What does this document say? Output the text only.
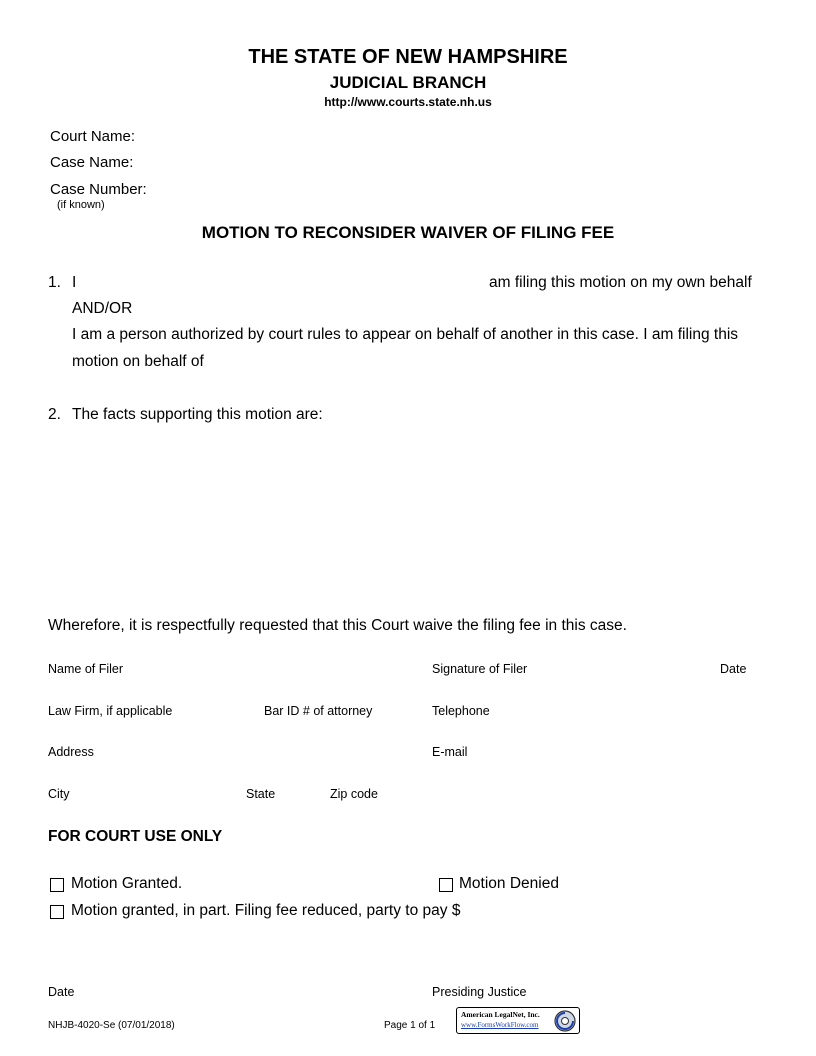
THE STATE OF NEW HAMPSHIRE
JUDICIAL BRANCH
http://www.courts.state.nh.us
Court Name:
Case Name:
Case Number:
(if known)
MOTION TO RECONSIDER WAIVER OF FILING FEE
1. I	am filing this motion on my own behalf
AND/OR
I am a person authorized by court rules to appear on behalf of another in this case. I am filing this
motion on behalf of
2. The facts supporting this motion are:
Wherefore, it is respectfully requested that this Court waive the filing fee in this case.
Name of Filer	Signature of Filer	Date
Law Firm, if applicable	Bar ID # of attorney	Telephone
Address	E-mail
City	State	Zip code
FOR COURT USE ONLY
Motion Granted.	Motion Denied
Motion granted, in part. Filing fee reduced, party to pay $
Date	Presiding Justice
NHJB-4020-Se (07/01/2018)	Page 1 of 1
American LegalNet, Inc.
www.FormsWorkFlow.com
